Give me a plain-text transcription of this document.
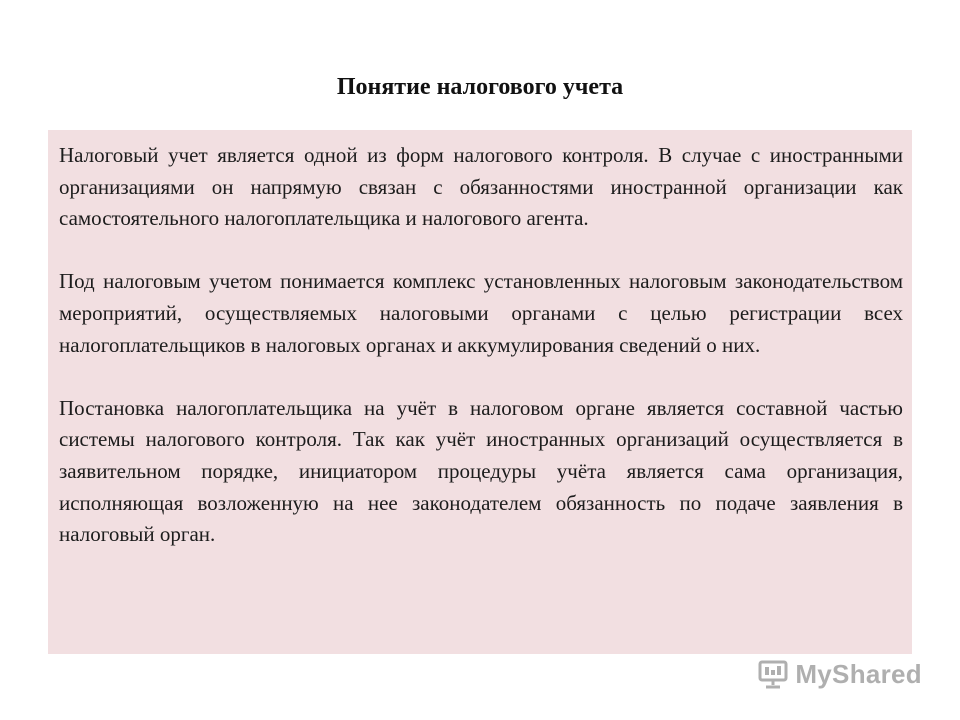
Понятие налогового учета

Налоговый учет является одной из форм налогового контроля. В случае с иностранными организациями он напрямую связан с обязанностями иностранной организации как самостоятельного налогоплательщика и налогового агента.

Под налоговым учетом понимается комплекс установленных налоговым законодательством мероприятий, осуществляемых налоговыми органами с целью регистрации всех налогоплательщиков в налоговых органах и аккумулирования сведений о них.

Постановка налогоплательщика на учёт в налоговом органе является составной частью системы налогового контроля. Так как учёт иностранных организаций осуществляется в заявительном порядке, инициатором процедуры учёта является сама организация, исполняющая возложенную на нее законодателем обязанность по подаче заявления в налоговый орган.

MyShared
